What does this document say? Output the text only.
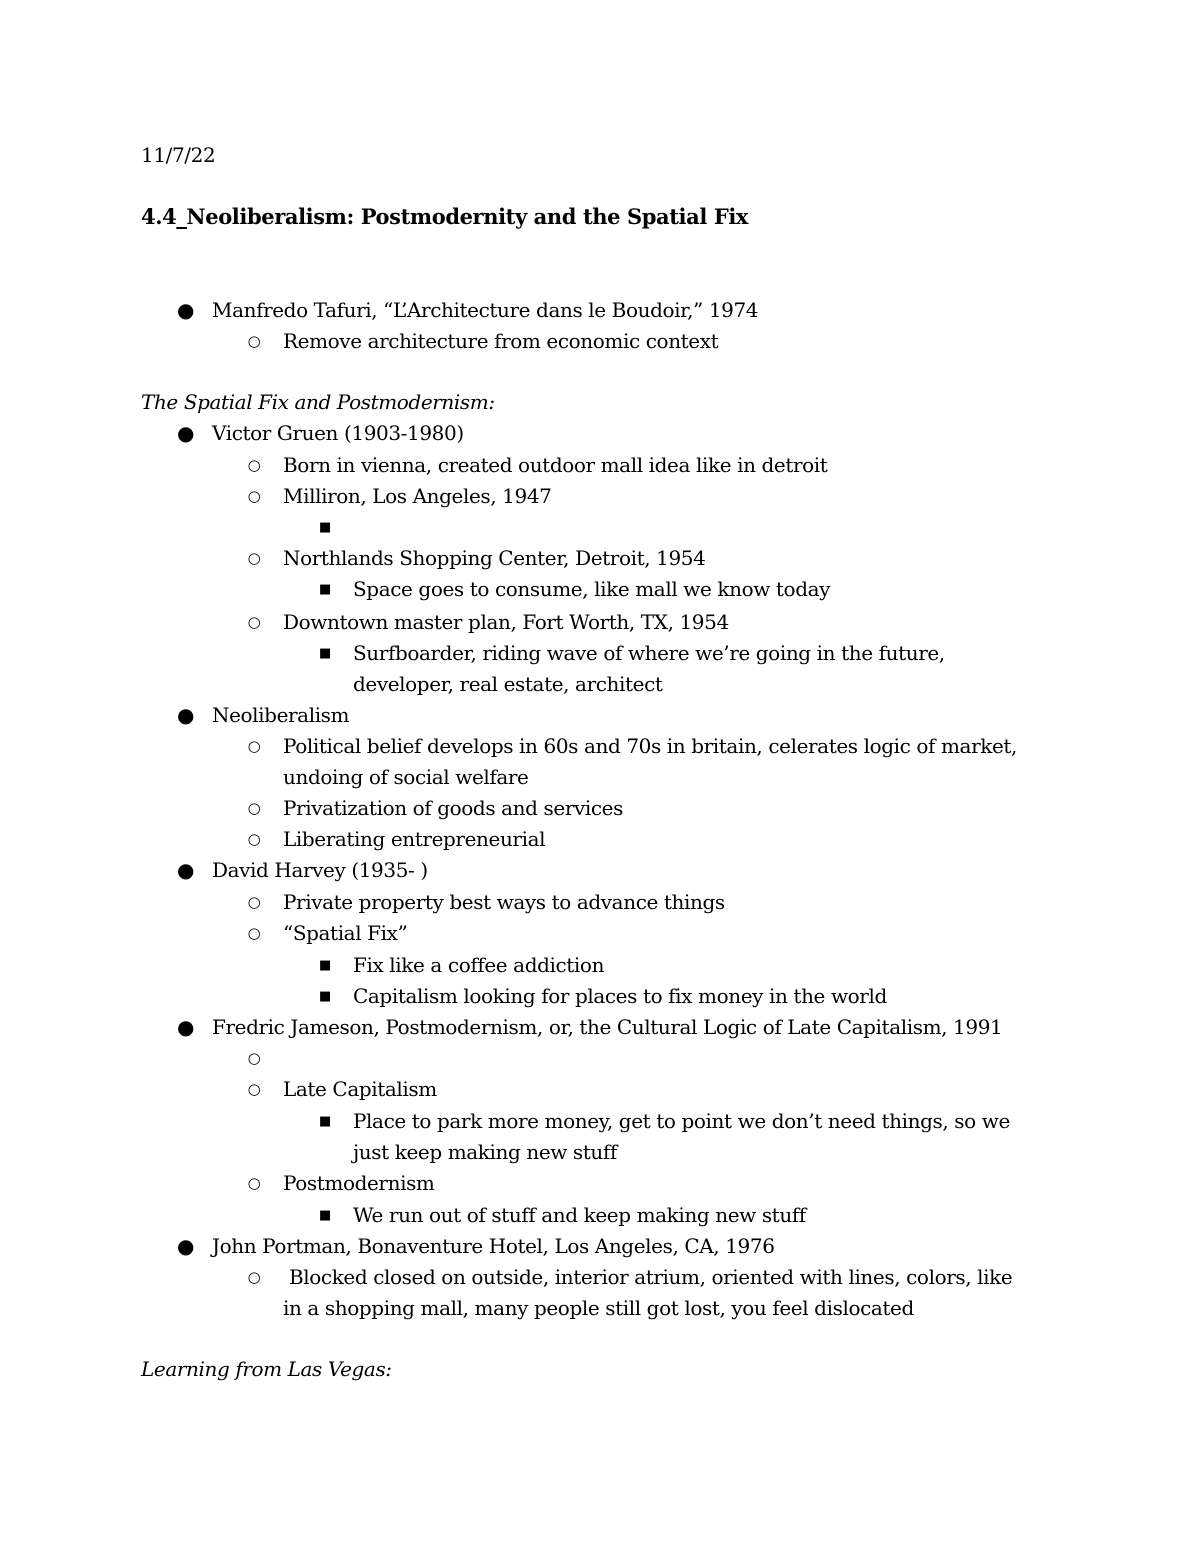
11/7/22
4.4_Neoliberalism: Postmodernity and the Spatial Fix
● Manfredo Tafuri, “L’Architecture dans le Boudoir,” 1974
○ Remove architecture from economic context
The Spatial Fix and Postmodernism:
● Victor Gruen (1903-1980)
○ Born in vienna, created outdoor mall idea like in detroit
○ Milliron, Los Angeles, 1947
■
○ Northlands Shopping Center, Detroit, 1954
■ Space goes to consume, like mall we know today
○ Downtown master plan, Fort Worth, TX, 1954
■ Surfboarder, riding wave of where we’re going in the future,
developer, real estate, architect
● Neoliberalism
○ Political belief develops in 60s and 70s in britain, celerates logic of market,
undoing of social welfare
○ Privatization of goods and services
○ Liberating entrepreneurial
● David Harvey (1935- )
○ Private property best ways to advance things
○ “Spatial Fix”
■ Fix like a coffee addiction
■ Capitalism looking for places to fix money in the world
● Fredric Jameson, Postmodernism, or, the Cultural Logic of Late Capitalism, 1991
○
○ Late Capitalism
■ Place to park more money, get to point we don’t need things, so we
just keep making new stuff
○ Postmodernism
■ We run out of stuff and keep making new stuff
● John Portman, Bonaventure Hotel, Los Angeles, CA, 1976
○ Blocked closed on outside, interior atrium, oriented with lines, colors, like
in a shopping mall, many people still got lost, you feel dislocated
Learning from Las Vegas:
